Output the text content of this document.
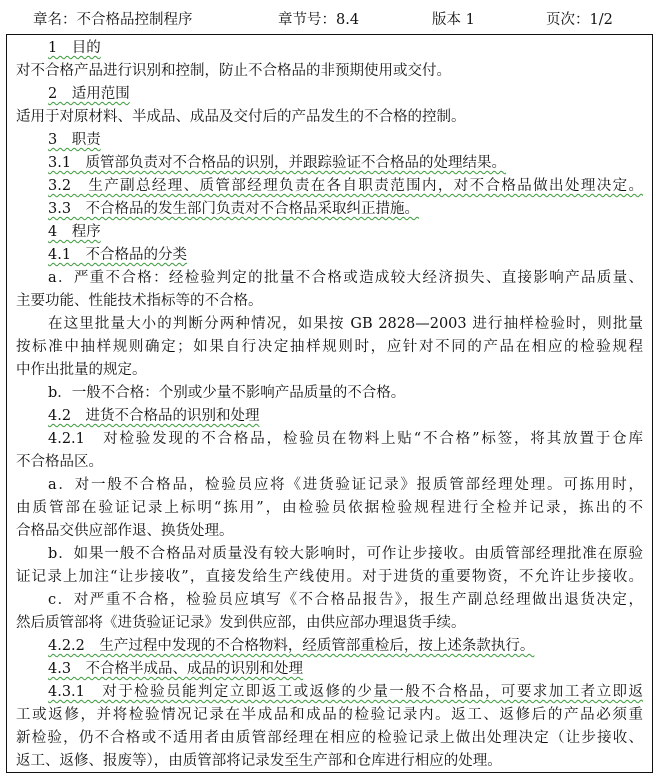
章名：不合格品控制程序	章节号：8.4	版本 1	页次：1/2
1　目的
对不合格产品进行识别和控制，防止不合格品的非预期使用或交付。
2　适用范围
适用于对原材料、半成品、成品及交付后的产品发生的不合格的控制。
3　职责
3.1　质管部负责对不合格品的识别，并跟踪验证不合格品的处理结果。
3.2　生产副总经理、质管部经理负责在各自职责范围内，对不合格品做出处理决定。
3.3　不合格品的发生部门负责对不合格品采取纠正措施。
4　程序
4.1　不合格品的分类
a．严重不合格：经检验判定的批量不合格或造成较大经济损失、直接影响产品质量、
主要功能、性能技术指标等的不合格。
在这里批量大小的判断分两种情况，如果按 GB 2828—2003 进行抽样检验时，则批量
按标准中抽样规则确定；如果自行决定抽样规则时，应针对不同的产品在相应的检验规程
中作出批量的规定。
b．一般不合格：个别或少量不影响产品质量的不合格。
4.2　进货不合格品的识别和处理
4.2.1　对检验发现的不合格品，检验员在物料上贴“不合格”标签，将其放置于仓库
不合格品区。
a．对一般不合格品，检验员应将《进货验证记录》报质管部经理处理。可拣用时，
由质管部在验证记录上标明“拣用”，由检验员依据检验规程进行全检并记录，拣出的不
合格品交供应部作退、换货处理。
b．如果一般不合格品对质量没有较大影响时，可作让步接收。由质管部经理批准在原验
证记录上加注“让步接收”，直接发给生产线使用。对于进货的重要物资，不允许让步接收。
c．对严重不合格，检验员应填写《不合格品报告》，报生产副总经理做出退货决定，
然后质管部将《进货验证记录》发到供应部，由供应部办理退货手续。
4.2.2　生产过程中发现的不合格物料，经质管部重检后，按上述条款执行。
4.3　不合格半成品、成品的识别和处理
4.3.1　对于检验员能判定立即返工或返修的少量一般不合格品，可要求加工者立即返
工或返修，并将检验情况记录在半成品和成品的检验记录内。返工、返修后的产品必须重
新检验，仍不合格或不适用者由质管部经理在相应的检验记录上做出处理决定（让步接收、
返工、返修、报废等），由质管部将记录发至生产部和仓库进行相应的处理。
